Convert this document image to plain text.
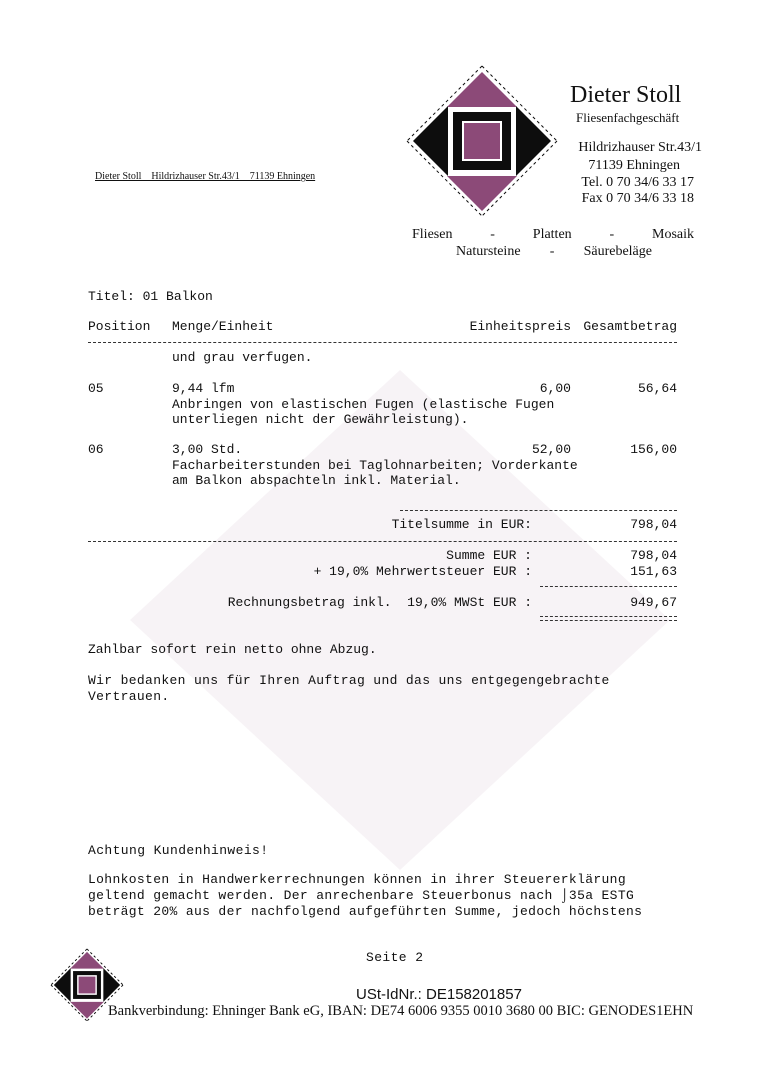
Dieter Stoll
Fliesenfachgeschäft
Hildrizhauser Str.43/1
71139 Ehningen
Tel. 0 70 34/6 33 17
Fax 0 70 34/6 33 18
Dieter Stoll    Hildrizhauser Str.43/1    71139 Ehningen
Fliesen	-	Platten	-	Mosaik
Natursteine - Säurebeläge
Titel: 01 Balkon
Position Menge/Einheit	Einheitspreis Gesamtbetrag
und grau verfugen.
05	9,44 lfm	6,00	56,64
Anbringen von elastischen Fugen (elastische Fugen
unterliegen nicht der Gewährleistung).
06	3,00 Std.	52,00	156,00
Facharbeiterstunden bei Taglohnarbeiten; Vorderkante
am Balkon abspachteln inkl. Material.
Titelsumme in EUR:	798,04
Summe EUR :	798,04
+ 19,0% Mehrwertsteuer EUR :	151,63
Rechnungsbetrag inkl.  19,0% MWSt EUR :	949,67
Zahlbar sofort rein netto ohne Abzug.
Wir bedanken uns für Ihren Auftrag und das uns entgegengebrachte
Vertrauen.
Achtung Kundenhinweis!
Lohnkosten in Handwerkerrechnungen können in ihrer Steuererklärung
geltend gemacht werden. Der anrechenbare Steuerbonus nach ⌡35a ESTG
beträgt 20% aus der nachfolgend aufgeführten Summe, jedoch höchstens
Seite 2
USt-IdNr.: DE158201857
Bankverbindung: Ehninger Bank eG, IBAN: DE74 6006 9355 0010 3680 00 BIC: GENODES1EHN
